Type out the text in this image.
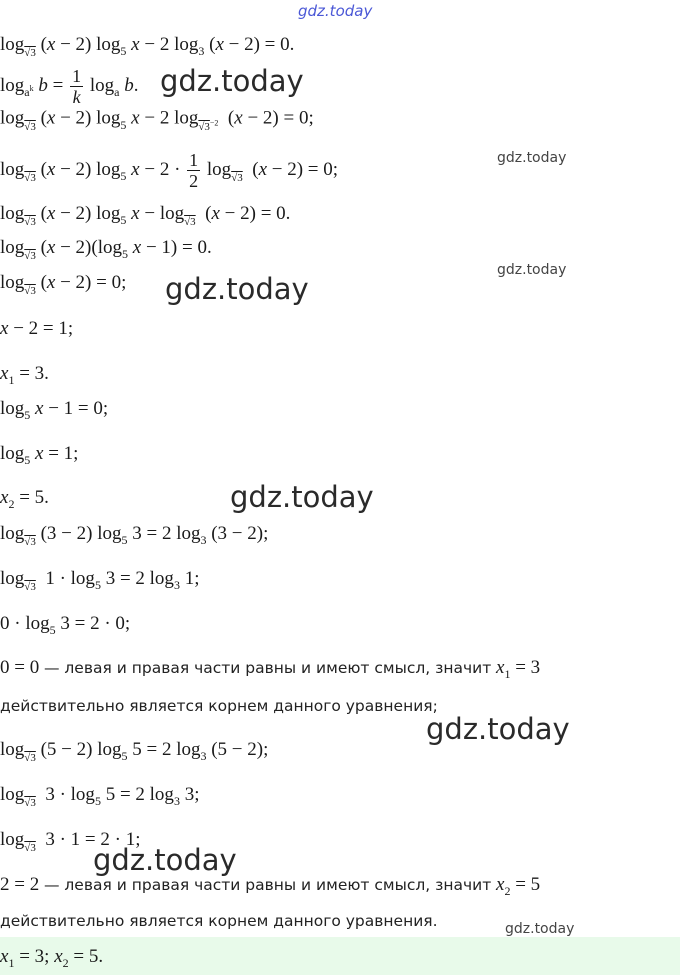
gdz.today
$\log_{√3} (x - 2)$ $\log_5 x - 2$ $\log_3 (x - 2) = 0$.
$\log_{a^k} b = \frac{1}{k} \log_a b$. gdz.today
$\log_{√3} (x - 2)$ $\log_5 x - 2$ $\log_{√3^{-2}} (x - 2) = 0$;
$\log_{√3} (x - 2)$ $\log_5 x - 2 \cdot \frac{1}{2} \log_{√3} (x - 2) = 0$;
gdz.today
$\log_{√3} (x - 2)$ $\log_5 x - \log_{√3} (x - 2) = 0$.
$\log_{√3} (x - 2)(\log_5$ x − 1) = 0.
$\log_{√3} (x - 2) = 0$;
gdz.today
gdz.today
x − 2 = 1;
$x_1 = 3$.
$\log_5 x - 1 = 0$;
$\log_5 x = 1$;
$x_2 = 5$.	gdz.today
$\log_{√3} (3 - 2)$ $\log_5 3 = 2$ $\log_3 (3 - 2)$;
$\log_{√3} 1 \cdot \log_5 3 = 2$ $\log_3 1$;
$0 \cdot \log_5 3 = 2 \cdot 0$;
0 = 0 — левая и правая части равны и имеют смысл, значит $x_1 = 3$
действительно является корнем данного уравнения;
gdz.today
$\log_{√3} (5 - 2)$ $\log_5 5 = 2$ $\log_3 (5 - 2)$;
$\log_{√3} 3 \cdot \log_5 5 = 2$ $\log_3 3$;
$\log_{√3} 3 \cdot 1 = 2 \cdot 1$;
gdz.today
2 = 2 — левая и правая части равны и имеют смысл, значит $x_2 = 5$
действительно является корнем данного уравнения.	gdz.today
$x_1 = 3$; $x_2 = 5$.
